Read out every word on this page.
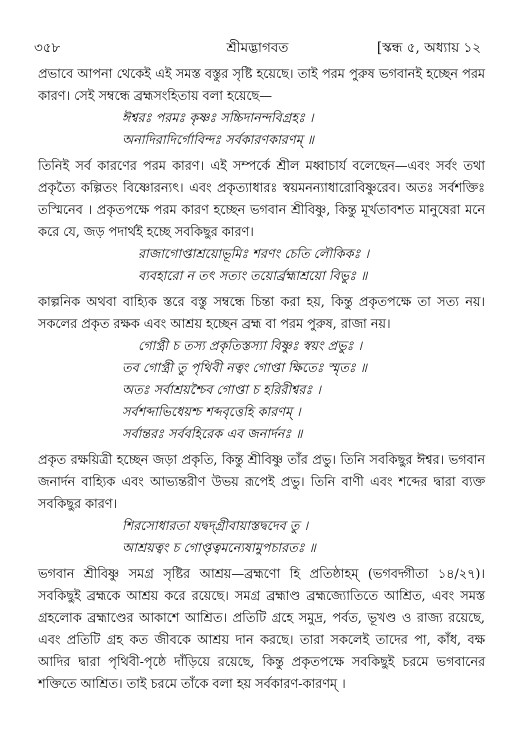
৩৫৮	শ্রীমদ্ভাগবত	[স্কন্ধ ৫, অধ্যায় ১২

প্রভাবে আপনা থেকেই এই সমস্ত বস্তুর সৃষ্টি হয়েছে। তাই পরম পুরুষ ভগবানই হচ্ছেন পরম কারণ। সেই সম্বন্ধে ব্রহ্মসংহিতায় বলা হয়েছে—

ঈশ্বরঃ পরমঃ কৃষ্ণঃ সচ্চিদানন্দবিগ্রহঃ ।

অনাদিরাদির্গোবিন্দঃ সর্বকারণকারণম্ ॥

তিনিই সর্ব কারণের পরম কারণ। এই সম্পর্কে শ্রীল মধ্বাচার্য বলেছেন—এবং সর্বং তথা প্রকৃত্যৈ কল্পিতং বিষ্ণোরন্যৎ। এবং প্রকৃত্যাধারঃ স্বয়মনন্যাধারোবিষ্ণুরেব। অতঃ সর্বশক্তিঃ তস্মিনেব । প্রকৃতপক্ষে পরম কারণ হচ্ছেন ভগবান শ্রীবিষ্ণু, কিন্তু মূর্খতাবশত মানুষেরা মনে করে যে, জড় পদার্থই হচ্ছে সবকিছুর কারণ।

রাজাগোপ্তাশ্রয়োভূমিঃ শরণং চেতি লৌকিকঃ ।

ব্যবহারো ন তৎ সত্যং তয়োর্ব্রহ্মাশ্রয়ো বিভুঃ ॥

কাল্পনিক অথবা বাহ্যিক স্তরে বস্তু সম্বন্ধে চিন্তা করা হয়, কিন্তু প্রকৃতপক্ষে তা সত্য নয়। সকলের প্রকৃত রক্ষক এবং আশ্রয় হচ্ছেন ব্রহ্ম বা পরম পুরুষ, রাজা নয়।

গোপ্ত্রী চ তস্য প্রকৃতিস্তস্যা বিষ্ণুঃ স্বয়ং প্রভুঃ ।

তব গোপ্ত্রী তু পৃথিবী নত্বং গোপ্তা ক্ষিতেঃ স্মৃতঃ ॥

অতঃ সর্বাশ্রয়শ্চৈব গোপ্তা চ হরিরীশ্বরঃ ।

সর্বশব্দাভিধেয়শ্চ শব্দবৃত্তেহি কারণম্ ।

সর্বান্তরঃ সর্ববহিরেক এব জনার্দনঃ ॥

প্রকৃত রক্ষয়িত্রী হচ্ছেন জড়া প্রকৃতি, কিন্তু শ্রীবিষ্ণু তাঁর প্রভু। তিনি সবকিছুর ঈশ্বর। ভগবান জনার্দন বাহ্যিক এবং আভ্যন্তরীণ উভয় রূপেই প্রভু। তিনি বাণী এবং শব্দের দ্বারা ব্যক্ত সবকিছুর কারণ।

শিরসোধারতা যদ্বদ্গ্রীবায়াস্তদ্বদেব তু ।

আশ্রয়ত্বং চ গোপ্তৃত্বমন্যেষামুপচারতঃ ॥

ভগবান শ্রীবিষ্ণু সমগ্র সৃষ্টির আশ্রয়—ব্রহ্মণো হি প্রতিষ্ঠাহম্ (ভগবদ্গীতা ১৪/২৭)। সবকিছুই ব্রহ্মকে আশ্রয় করে রয়েছে। সমগ্র ব্রহ্মাণ্ড ব্রহ্মজ্যোতিতে আশ্রিত, এবং সমস্ত গ্রহলোক ব্রহ্মাণ্ডের আকাশে আশ্রিত। প্রতিটি গ্রহে সমুদ্র, পর্বত, ভূখণ্ড ও রাজ্য রয়েছে, এবং প্রতিটি গ্রহ কত জীবকে আশ্রয় দান করছে। তারা সকলেই তাদের পা, কাঁধ, বক্ষ আদির দ্বারা পৃথিবী-পৃষ্ঠে দাঁড়িয়ে রয়েছে, কিন্তু প্রকৃতপক্ষে সবকিছুই চরমে ভগবানের শক্তিতে আশ্রিত। তাই চরমে তাঁকে বলা হয় সর্বকারণ-কারণম্ ।
